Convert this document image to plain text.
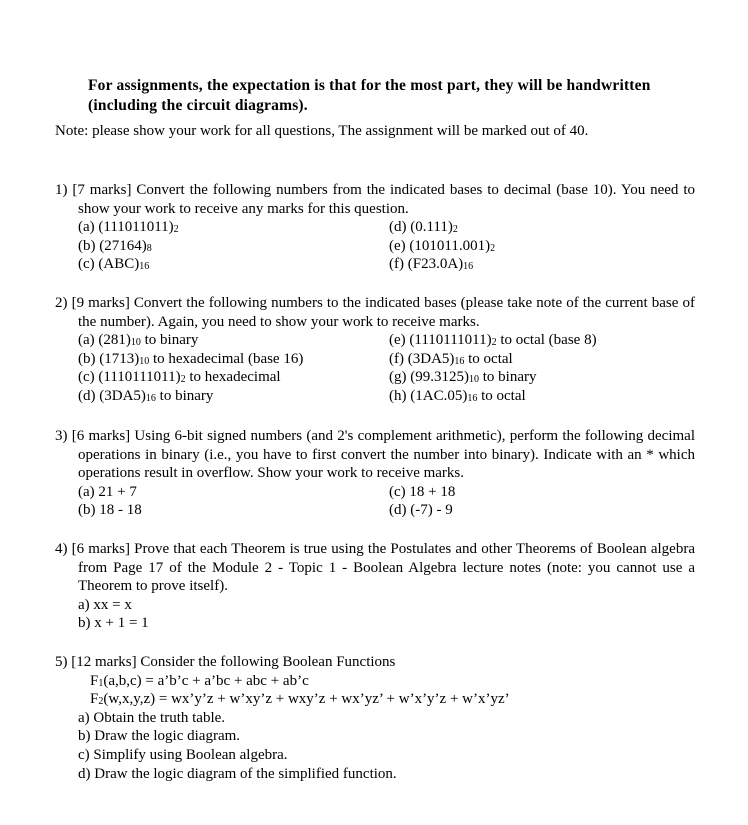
For assignments, the expectation is that for the most part, they will be handwritten (including the circuit diagrams).
Note: please show your work for all questions, The assignment will be marked out of 40.
1) [7 marks] Convert the following numbers from the indicated bases to decimal (base 10). You need to show your work to receive any marks for this question.
(a) $(111011011)_2$	(d) $(0.111)_2$
(b) $(27164)_8$	(e) $(101011.001)_2$
(c) $(ABC)_{16}$	(f) $(F23.0A)_{16}$
2) [9 marks] Convert the following numbers to the indicated bases (please take note of the current base of the number). Again, you need to show your work to receive marks.
(a) $(281)_{10}$ to binary	(e) $(1110111011)_2$ to octal (base 8)
(b) $(1713)_{10}$ to hexadecimal (base 16)	(f) $(3DA5)_{16}$ to octal
(c) $(1110111011)_2$ to hexadecimal	(g) $(99.3125)_{10}$ to binary
(d) $(3DA5)_{16}$ to binary	(h) $(1AC.05)_{16}$ to octal
3) [6 marks] Using 6-bit signed numbers (and 2's complement arithmetic), perform the following decimal operations in binary (i.e., you have to first convert the number into binary). Indicate with an * which operations result in overflow. Show your work to receive marks.
(a) 21 + 7	(c) 18 + 18
(b) 18 - 18	(d) (-7) - 9
4) [6 marks] Prove that each Theorem is true using the Postulates and other Theorems of Boolean algebra from Page 17 of the Module 2 - Topic 1 - Boolean Algebra lecture notes (note: you cannot use a Theorem to prove itself).
a) xx = x
b) x + 1 = 1
5) [12 marks] Consider the following Boolean Functions
$F_1(a,b,c)$ = a’b’c + a’bc + abc + ab’c
$F_2(w,x,y,z)$ = wx’y’z + w’xy’z + wxy’z + wx’yz’ + w’x’y’z + w’x’yz’
a) Obtain the truth table.
b) Draw the logic diagram.
c) Simplify using Boolean algebra.
d) Draw the logic diagram of the simplified function.
